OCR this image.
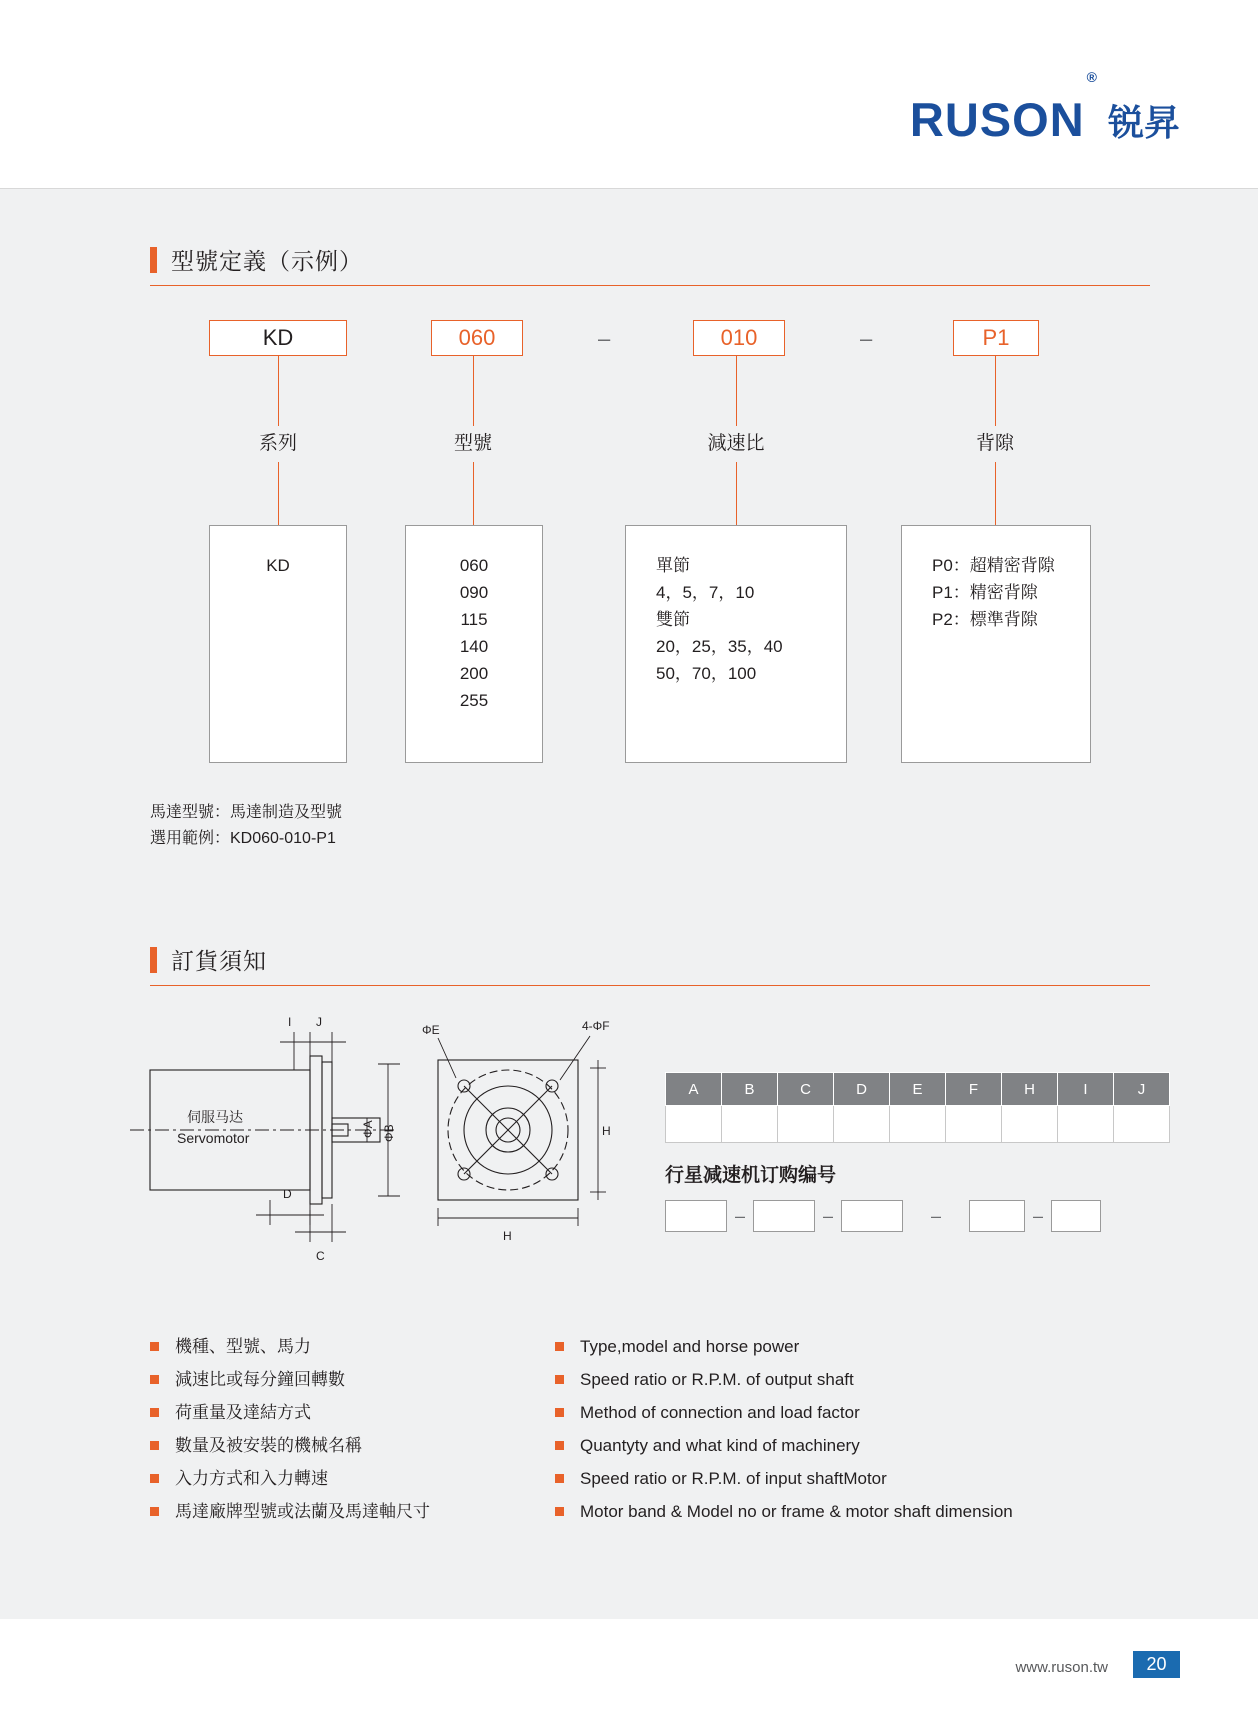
RUSON®
锐昇
型號定義（示例）
KD	060	–	010	–	P1
系列	型號	減速比	背隙
KD	060
090
115
140
200
255
單節
4，5，7，10
雙節
20，25，35，40
50，70，100
P0：超精密背隙
P1：精密背隙
P2：標準背隙
馬達型號：馬達制造及型號
選用範例：KD060-010-P1
訂貨須知
I J
D
C
ΦA ΦB
伺服马达
Servomotor
ΦE	4-ΦF
H
H
A	B	C	D	E	F	H	I	J

行星减速机订购编号
–	–	–	–
機種、型號、馬力
減速比或每分鐘回轉數
荷重量及達結方式
數量及被安裝的機械名稱
入力方式和入力轉速
馬達廠牌型號或法蘭及馬達軸尺寸
Type,model and horse power
Speed ratio or R.P.M. of output shaft
Method of connection and load factor
Quantyty and what kind of machinery
Speed ratio or R.P.M. of input shaftMotor
Motor band & Model no or frame & motor shaft dimension
www.ruson.tw	20
